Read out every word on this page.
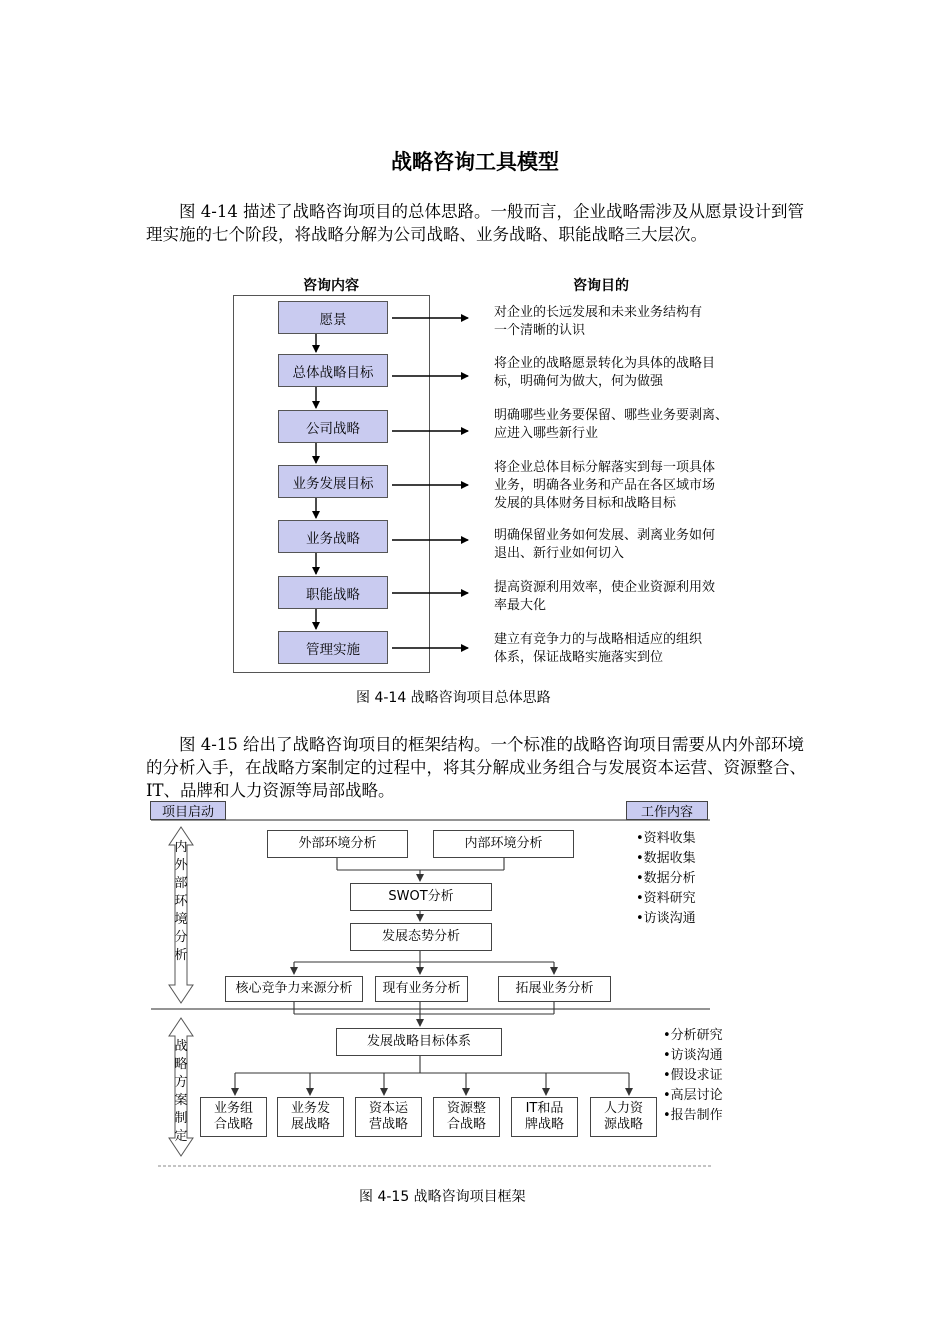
战略咨询工具模型
图 4-14 描述了战略咨询项目的总体思路。一般而言，企业战略需涉及从愿景设计到管理实施的七个阶段，将战略分解为公司战略、业务战略、职能战略三大层次。
咨询内容	咨询目的
愿景
总体战略目标
公司战略
业务发展目标
业务战略
职能战略
管理实施
对企业的长远发展和未来业务结构有
一个清晰的认识
将企业的战略愿景转化为具体的战略目
标，明确何为做大，何为做强
明确哪些业务要保留、哪些业务要剥离、
应进入哪些新行业
将企业总体目标分解落实到每一项具体
业务，明确各业务和产品在各区域市场
发展的具体财务目标和战略目标
明确保留业务如何发展、剥离业务如何
退出、新行业如何切入
提高资源利用效率，使企业资源利用效
率最大化
建立有竞争力的与战略相适应的组织
体系，保证战略实施落实到位
图 4-14 战略咨询项目总体思路
图 4-15 给出了战略咨询项目的框架结构。一个标准的战略咨询项目需要从内外部环境的分析入手，在战略方案制定的过程中，将其分解成业务组合与发展资本运营、资源整合、IT、品牌和人力资源等局部战略。
项目启动	工作内容
内外部环境分析
战略方案制定
外部环境分析	内部环境分析
SWOT分析
发展态势分析
核心竞争力来源分析	现有业务分析	拓展业务分析
发展战略目标体系
业务组
合战略
业务发
展战略
资本运
营战略
资源整
合战略
IT和品
牌战略
人力资
源战略
•资料收集
•数据收集
•数据分析
•资料研究
•访谈沟通
•分析研究
•访谈沟通
•假设求证
•高层讨论
•报告制作
图 4-15 战略咨询项目框架
